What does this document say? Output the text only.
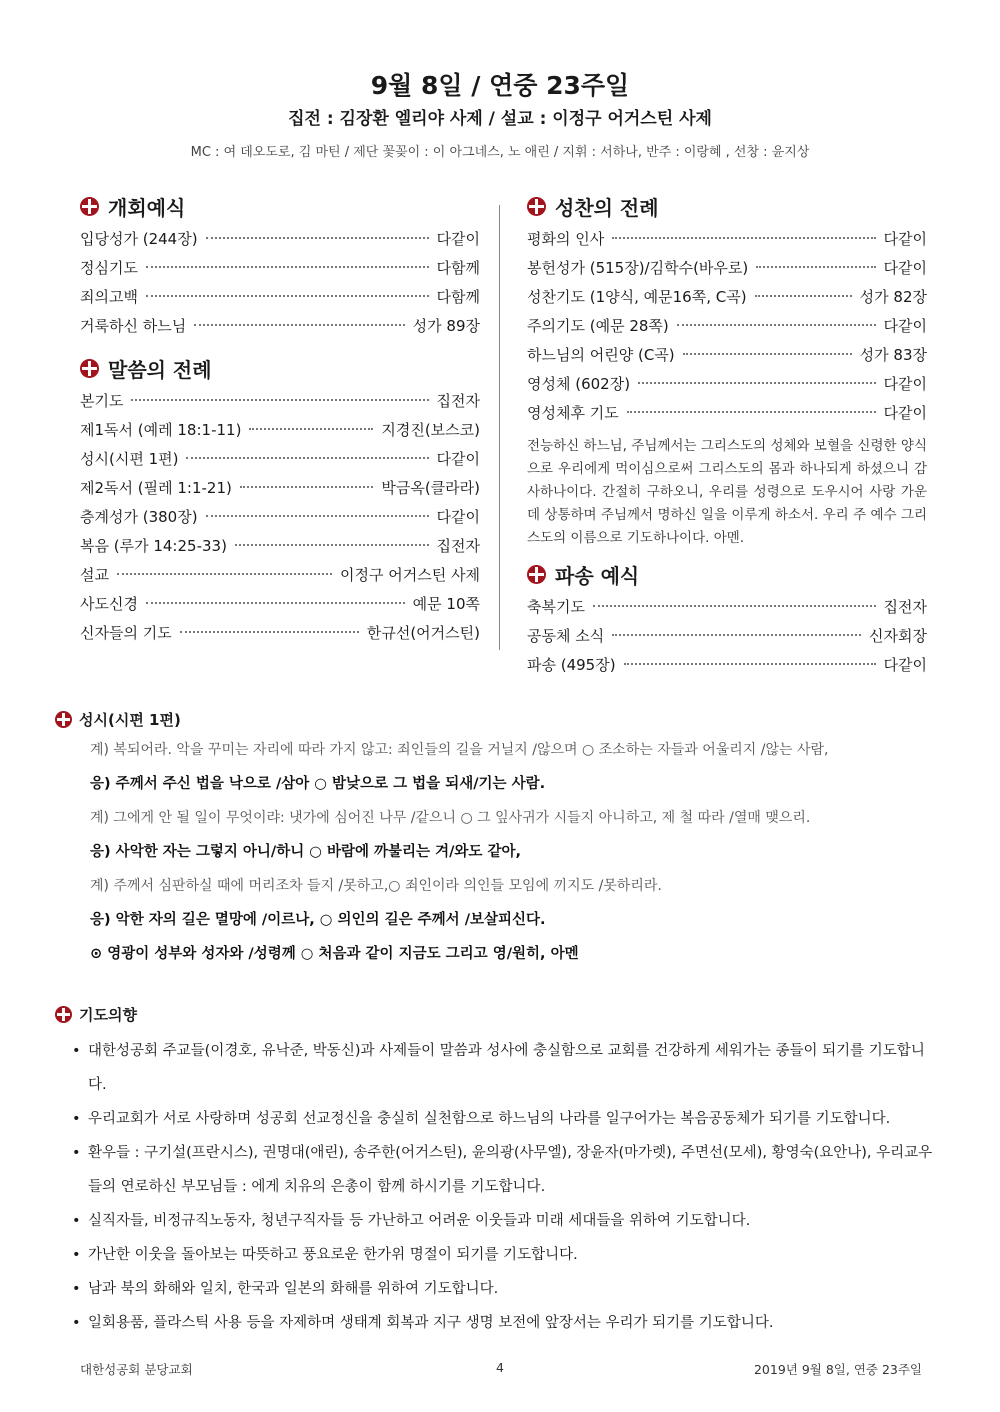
9월 8일 / 연중 23주일
집전 : 김장환 엘리야 사제 / 설교 : 이정구 어거스틴 사제
MC : 여 데오도로, 김 마틴 / 제단 꽃꽂이 : 이 아그네스, 노 애린 / 지휘 : 서하나, 반주 : 이랑혜 , 선창 : 윤지상
개회예식
입당성가 (244장)	다같이
정심기도	다함께
죄의고백	다함께
거룩하신 하느님	성가 89장
말씀의 전례
본기도	집전자
제1독서 (예레 18:1-11)	지경진(보스코)
성시(시편 1편)	다같이
제2독서 (필레 1:1-21)	박금옥(클라라)
층계성가 (380장)	다같이
복음 (루가 14:25-33)	집전자
설교	이정구 어거스틴 사제
사도신경	예문 10쪽
신자들의 기도	한규선(어거스틴)
성찬의 전례
평화의 인사	다같이
봉헌성가 (515장)/김학수(바우로)	다같이
성찬기도 (1양식, 예문16쪽, C곡)	성가 82장
주의기도 (예문 28쪽)	다같이
하느님의 어린양 (C곡)	성가 83장
영성체 (602장)	다같이
영성체후 기도	다같이
전능하신 하느님, 주님께서는 그리스도의 성체와 보혈을 신령한 양식으로 우리에게 먹이심으로써 그리스도의 몸과 하나되게 하셨으니 감사하나이다. 간절히 구하오니, 우리를 성령으로 도우시어 사랑 가운데 상통하며 주님께서 명하신 일을 이루게 하소서. 우리 주 예수 그리스도의 이름으로 기도하나이다. 아멘.
파송 예식
축복기도	집전자
공동체 소식	신자회장
파송 (495장)	다같이
성시(시편 1편)
계) 복되어라. 악을 꾸미는 자리에 따라 가지 않고: 죄인들의 길을 거닐지 /않으며 ○ 조소하는 자들과 어울리지 /않는 사람,
응) 주께서 주신 법을 낙으로 /삼아 ○ 밤낮으로 그 법을 되새/기는 사람.
계) 그에게 안 될 일이 무엇이랴: 냇가에 심어진 나무 /같으니 ○ 그 잎사귀가 시들지 아니하고, 제 철 따라 /열매 맺으리.
응) 사악한 자는 그렇지 아니/하니 ○ 바람에 까불리는 겨/와도 같아,
계) 주께서 심판하실 때에 머리조차 들지 /못하고,○ 죄인이라 의인들 모임에 끼지도 /못하리라.
응) 악한 자의 길은 멸망에 /이르나, ○ 의인의 길은 주께서 /보살피신다.
⊙ 영광이 성부와 성자와 /성령께 ○ 처음과 같이 지금도 그리고 영/원히, 아멘
기도의향
• 대한성공회 주교들(이경호, 유낙준, 박동신)과 사제들이 말씀과 성사에 충실함으로 교회를 건강하게 세워가는 종들이 되기를 기도합니다.
• 우리교회가 서로 사랑하며 성공회 선교정신을 충실히 실천함으로 하느님의 나라를 일구어가는 복음공동체가 되기를 기도합니다.
• 환우들 : 구기설(프란시스), 권명대(애린), 송주한(어거스틴), 윤의광(사무엘), 장윤자(마가렛), 주면선(모세), 황영숙(요안나), 우리교우들의 연로하신 부모님들 : 에게 치유의 은총이 함께 하시기를 기도합니다.
• 실직자들, 비정규직노동자, 청년구직자들 등 가난하고 어려운 이웃들과 미래 세대들을 위하여 기도합니다.
• 가난한 이웃을 돌아보는 따뜻하고 풍요로운 한가위 명절이 되기를 기도합니다.
• 남과 북의 화해와 일치, 한국과 일본의 화해를 위하여 기도합니다.
• 일회용품, 플라스틱 사용 등을 자제하며 생태계 회복과 지구 생명 보전에 앞장서는 우리가 되기를 기도합니다.
대한성공회 분당교회	4	2019년 9월 8일, 연중 23주일
